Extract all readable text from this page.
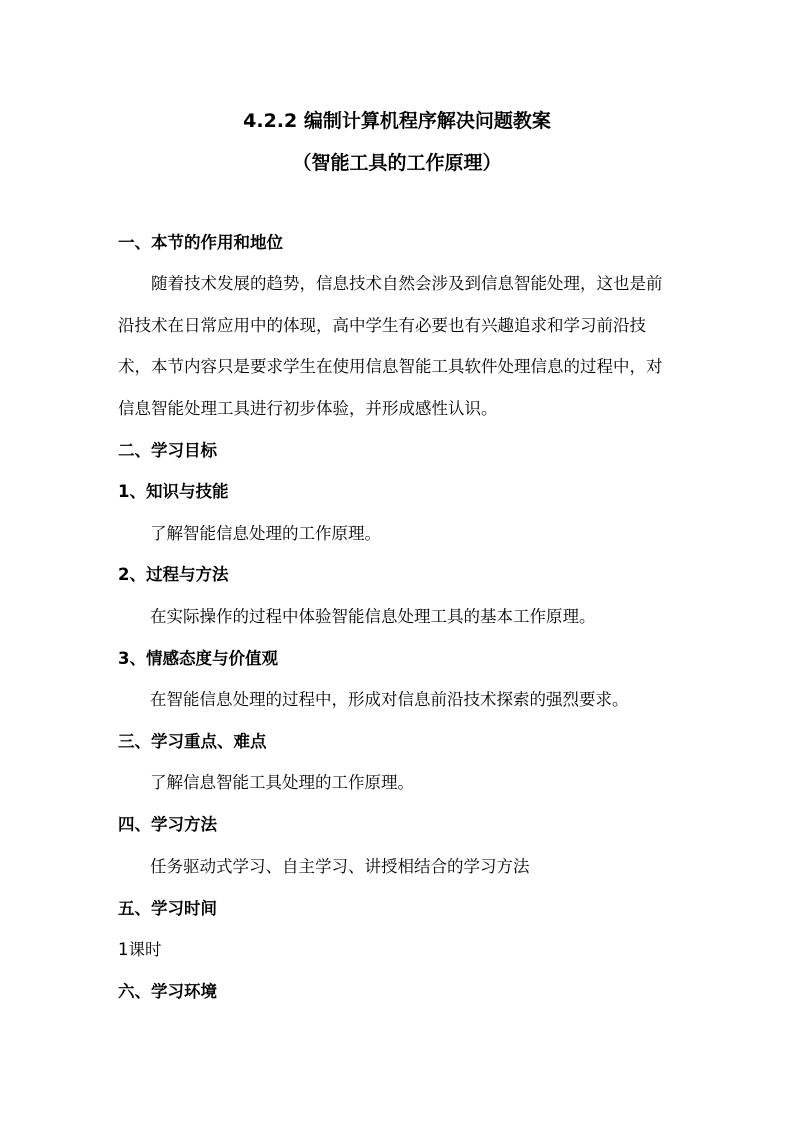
4.2.2 编制计算机程序解决问题教案
（智能工具的工作原理）
一、本节的作用和地位

随着技术发展的趋势，信息技术自然会涉及到信息智能处理，这也是前沿技术在日常应用中的体现，高中学生有必要也有兴趣追求和学习前沿技术，本节内容只是要求学生在使用信息智能工具软件处理信息的过程中，对信息智能处理工具进行初步体验，并形成感性认识。

二、学习目标
1、知识与技能
了解智能信息处理的工作原理。
2、过程与方法
在实际操作的过程中体验智能信息处理工具的基本工作原理。
3、情感态度与价值观
在智能信息处理的过程中，形成对信息前沿技术探索的强烈要求。
三、学习重点、难点
了解信息智能工具处理的工作原理。
四、学习方法
任务驱动式学习、自主学习、讲授相结合的学习方法
五、学习时间
1课时
六、学习环境
